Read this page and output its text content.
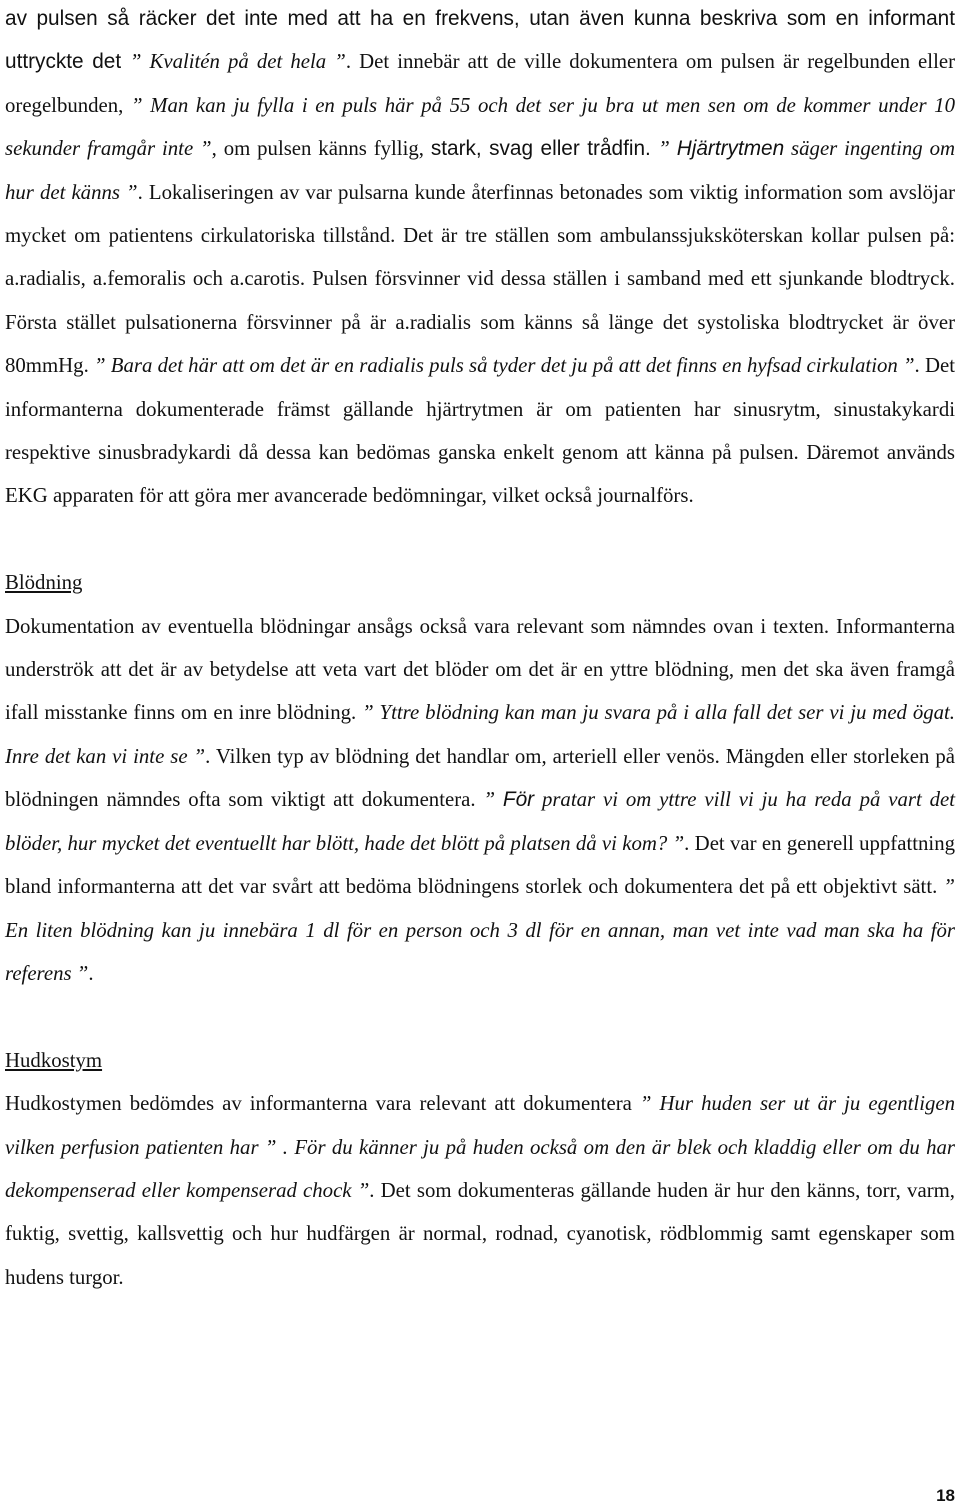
av pulsen så räcker det inte med att ha en frekvens, utan även kunna beskriva som en informant uttryckte det ” Kvalitén på det hela ”. Det innebär att de ville dokumentera om pulsen är regelbunden eller oregelbunden, ” Man kan ju fylla i en puls här på 55 och det ser ju bra ut men sen om de kommer under 10 sekunder framgår inte ”, om pulsen känns fyllig, stark, svag eller trådfin. ” Hjärtrytmen säger ingenting om hur det känns ”. Lokaliseringen av var pulsarna kunde återfinnas betonades som viktig information som avslöjar mycket om patientens cirkulatoriska tillstånd. Det är tre ställen som ambulanssjuksköterskan kollar pulsen på: a.radialis, a.femoralis och a.carotis. Pulsen försvinner vid dessa ställen i samband med ett sjunkande blodtryck. Första stället pulsationerna försvinner på är a.radialis som känns så länge det systoliska blodtrycket är över 80mmHg. ” Bara det här att om det är en radialis puls så tyder det ju på att det finns en hyfsad cirkulation ”. Det informanterna dokumenterade främst gällande hjärtrytmen är om patienten har sinusrytm, sinustakykardi respektive sinusbradykardi då dessa kan bedömas ganska enkelt genom att känna på pulsen. Däremot används EKG apparaten för att göra mer avancerade bedömningar, vilket också journalförs.

Blödning

Dokumentation av eventuella blödningar ansågs också vara relevant som nämndes ovan i texten. Informanterna underströk att det är av betydelse att veta vart det blöder om det är en yttre blödning, men det ska även framgå ifall misstanke finns om en inre blödning. ” Yttre blödning kan man ju svara på i alla fall det ser vi ju med ögat. Inre det kan vi inte se ”. Vilken typ av blödning det handlar om, arteriell eller venös. Mängden eller storleken på blödningen nämndes ofta som viktigt att dokumentera. ” För pratar vi om yttre vill vi ju ha reda på vart det blöder, hur mycket det eventuellt har blött, hade det blött på platsen då vi kom? ”. Det var en generell uppfattning bland informanterna att det var svårt att bedöma blödningens storlek och dokumentera det på ett objektivt sätt. ” En liten blödning kan ju innebära 1 dl för en person och 3 dl för en annan, man vet inte vad man ska ha för referens ”.

Hudkostym

Hudkostymen bedömdes av informanterna vara relevant att dokumentera ” Hur huden ser ut är ju egentligen vilken perfusion patienten har ” . För du känner ju på huden också om den är blek och kladdig eller om du har dekompenserad eller kompenserad chock ”. Det som dokumenteras gällande huden är hur den känns, torr, varm, fuktig, svettig, kallsvettig och hur hudfärgen är normal, rodnad, cyanotisk, rödblommig samt egenskaper som hudens turgor.

18
